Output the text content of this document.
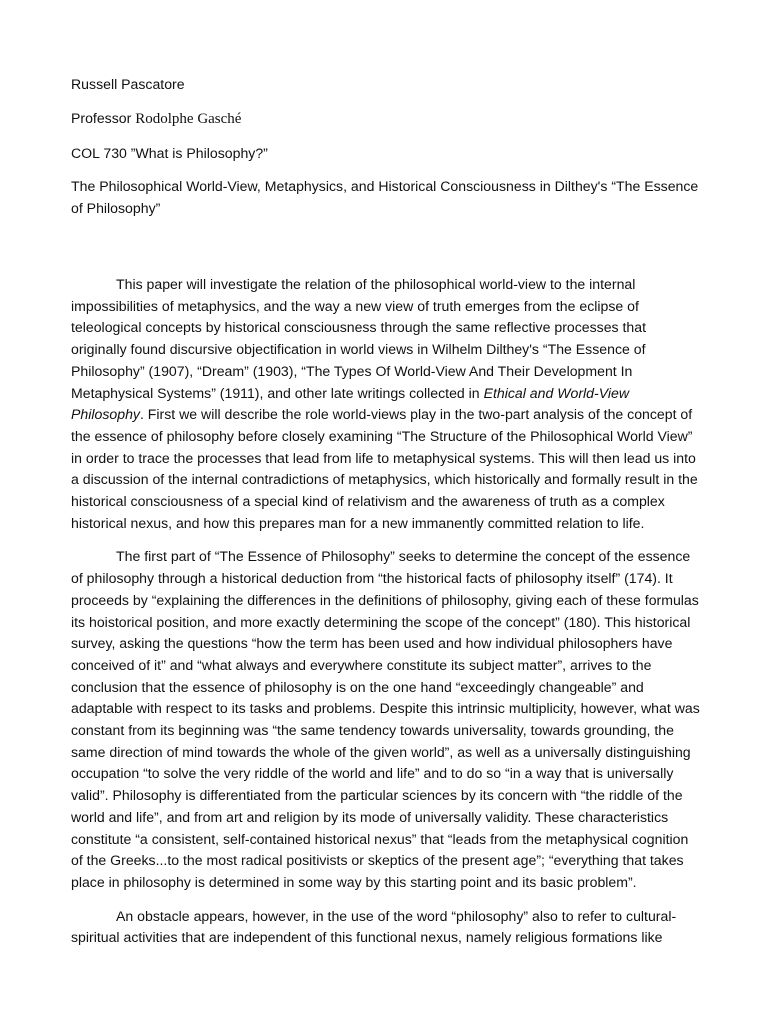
Russell Pascatore

Professor Rodolphe Gasché

COL 730 ”What is Philosophy?”

The Philosophical World-View, Metaphysics, and Historical Consciousness in Dilthey's “The Essence of Philosophy”

This paper will investigate the relation of the philosophical world-view to the internal impossibilities of metaphysics, and the way a new view of truth emerges from the eclipse of teleological concepts by historical consciousness through the same reflective processes that originally found discursive objectification in world views in Wilhelm Dilthey's “The Essence of Philosophy” (1907), “Dream” (1903), “The Types Of World-View And Their Development In Metaphysical Systems” (1911), and other late writings collected in Ethical and World-View Philosophy. First we will describe the role world-views play in the two-part analysis of the concept of the essence of philosophy before closely examining “The Structure of the Philosophical World View” in order to trace the processes that lead from life to metaphysical systems. This will then lead us into a discussion of the internal contradictions of metaphysics, which historically and formally result in the historical consciousness of a special kind of relativism and the awareness of truth as a complex historical nexus, and how this prepares man for a new immanently committed relation to life.

The first part of “The Essence of Philosophy” seeks to determine the concept of the essence of philosophy through a historical deduction from “the historical facts of philosophy itself” (174). It proceeds by “explaining the differences in the definitions of philosophy, giving each of these formulas its hoistorical position, and more exactly determining the scope of the concept” (180). This historical survey, asking the questions “how the term has been used and how individual philosophers have conceived of it” and “what always and everywhere constitute its subject matter”, arrives to the conclusion that the essence of philosophy is on the one hand “exceedingly changeable” and adaptable with respect to its tasks and problems. Despite this intrinsic multiplicity, however, what was constant from its beginning was “the same tendency towards universality, towards grounding, the same direction of mind towards the whole of the given world”, as well as a universally distinguishing occupation “to solve the very riddle of the world and life” and to do so “in a way that is universally valid”. Philosophy is differentiated from the particular sciences by its concern with “the riddle of the world and life”, and from art and religion by its mode of universally validity. These characteristics constitute “a consistent, self-contained historical nexus” that “leads from the metaphysical cognition of the Greeks...to the most radical positivists or skeptics of the present age”; “everything that takes place in philosophy is determined in some way by this starting point and its basic problem”.

An obstacle appears, however, in the use of the word “philosophy” also to refer to cultural-spiritual activities that are independent of this functional nexus, namely religious formations like
